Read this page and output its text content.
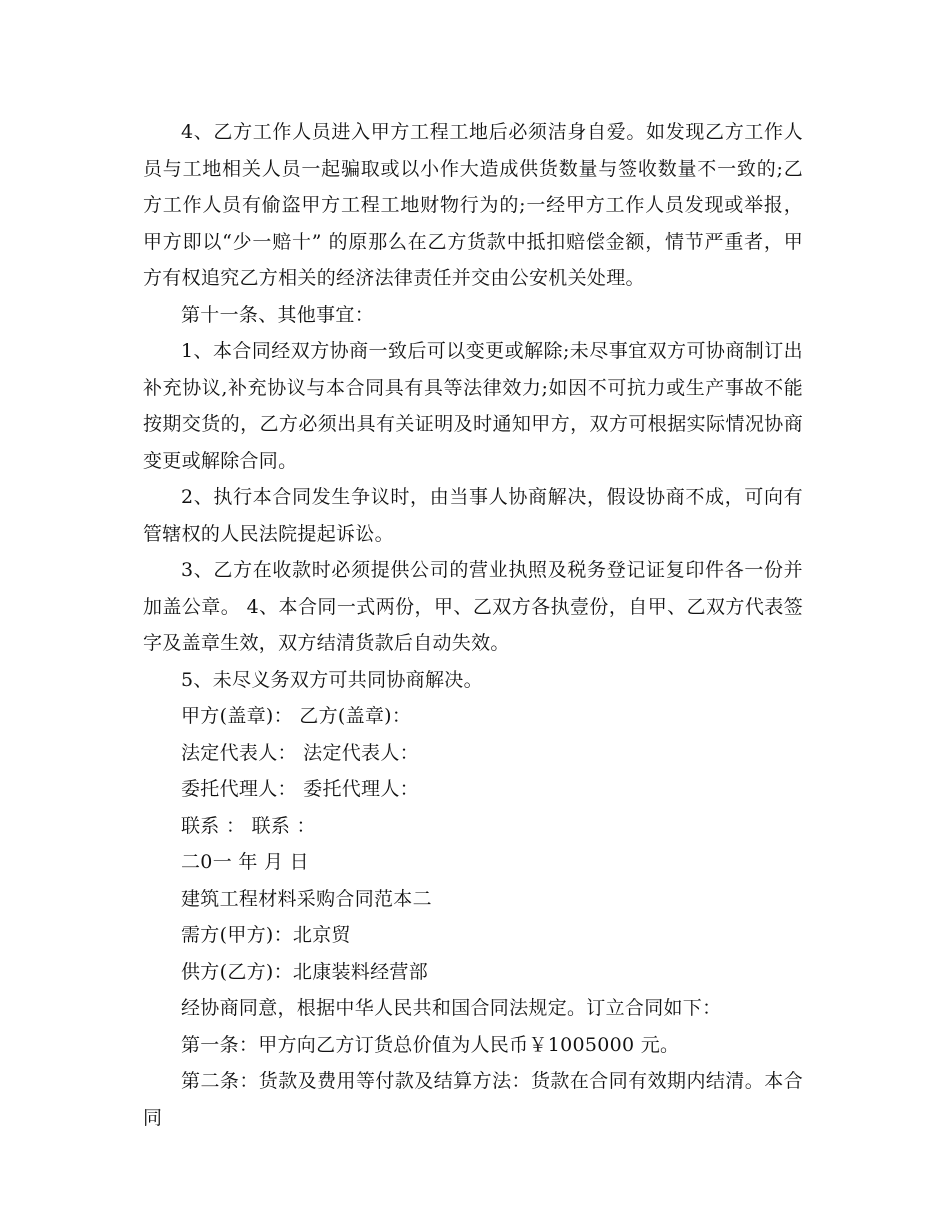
4、乙方工作人员进入甲方工程工地后必须洁身自爱。如发现乙方工作人员与工地相关人员一起骗取或以小作大造成供货数量与签收数量不一致的;乙方工作人员有偷盗甲方工程工地财物行为的;一经甲方工作人员发现或举报，甲方即以“少一赔十” 的原那么在乙方货款中抵扣赔偿金额，情节严重者，甲方有权追究乙方相关的经济法律责任并交由公安机关处理。

第十一条、其他事宜：

1、本合同经双方协商一致后可以变更或解除;未尽事宜双方可协商制订出补充协议,补充协议与本合同具有具等法律效力;如因不可抗力或生产事故不能按期交货的，乙方必须出具有关证明及时通知甲方，双方可根据实际情况协商变更或解除合同。

2、执行本合同发生争议时，由当事人协商解决，假设协商不成，可向有管辖权的人民法院提起诉讼。

3、乙方在收款时必须提供公司的营业执照及税务登记证复印件各一份并加盖公章。 4、本合同一式两份，甲、乙双方各执壹份，自甲、乙双方代表签字及盖章生效，双方结清货款后自动失效。

5、未尽义务双方可共同协商解决。

甲方(盖章)： 乙方(盖章)：

法定代表人： 法定代表人：

委托代理人： 委托代理人：

联系 ： 联系 ：

二0一 年 月 日

建筑工程材料采购合同范本二

需方(甲方)：北京贸

供方(乙方)：北康装料经营部

经协商同意，根据中华人民共和国合同法规定。订立合同如下：

第一条：甲方向乙方订货总价值为人民币￥1005000 元。

第二条：货款及费用等付款及结算方法：货款在合同有效期内结清。本合同
